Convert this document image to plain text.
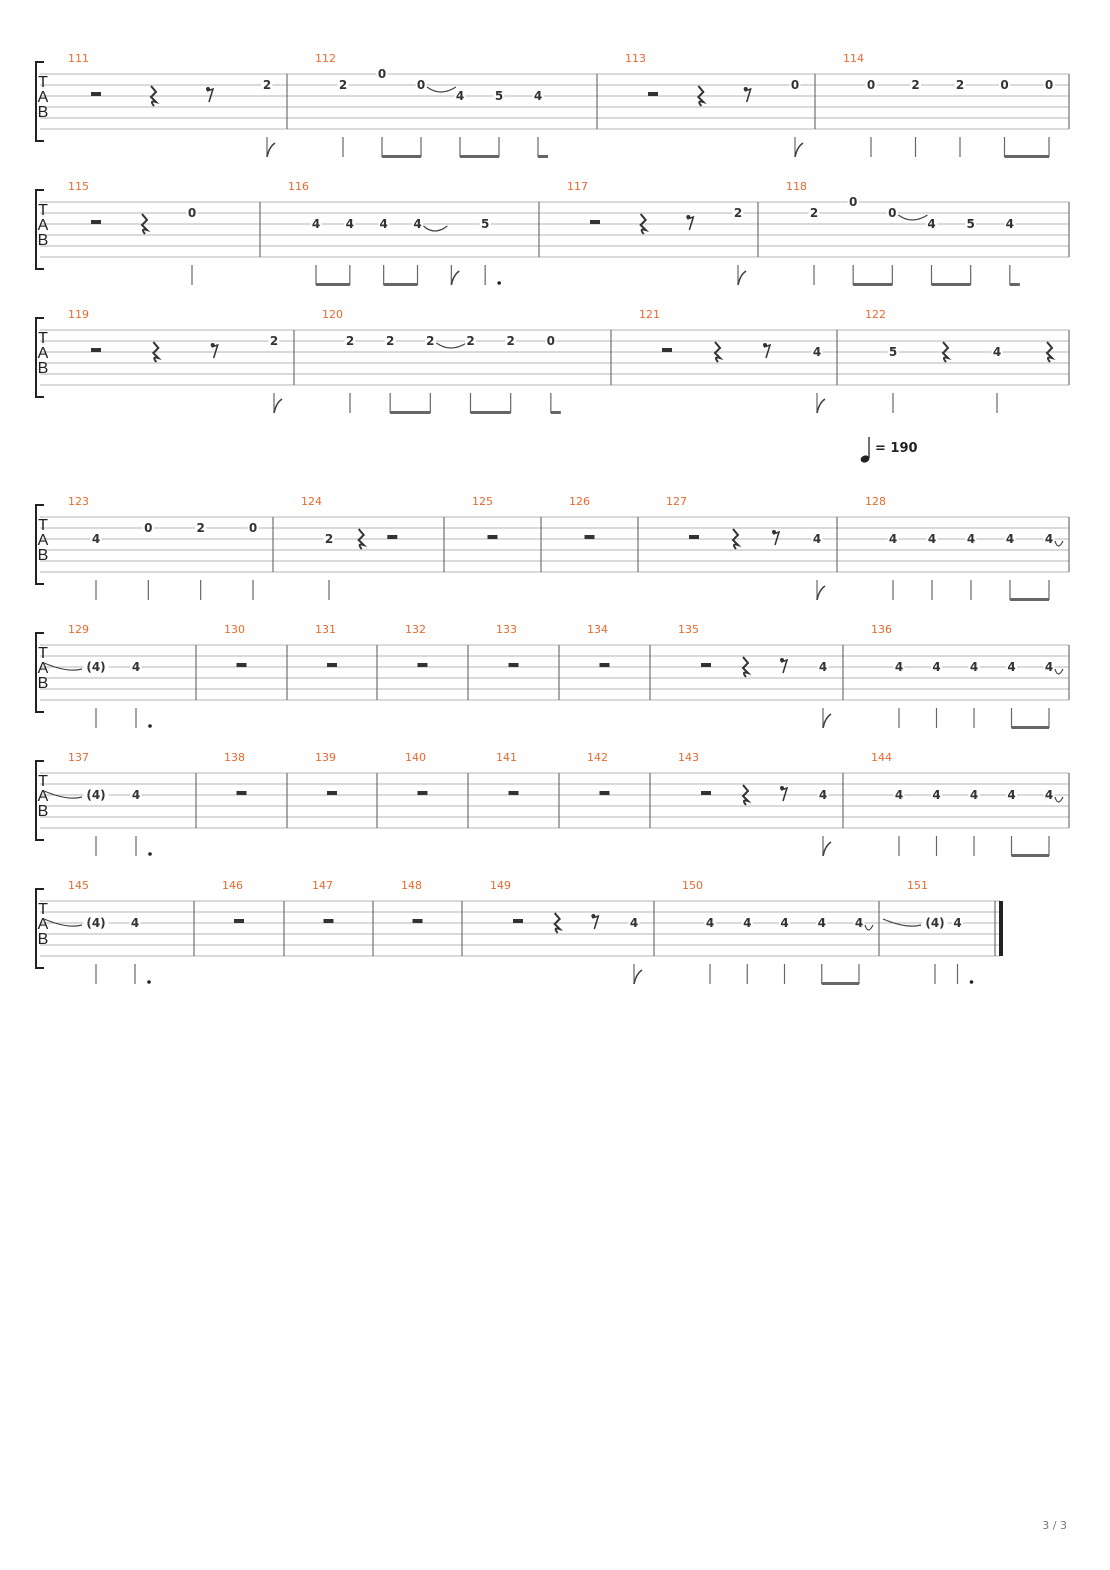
T
A
B
111
2
112
2
0
0
4	5	4
113
0
114
0	2	2	0	0
T
A
B
115
0
116
4 4 4 4	5
117
2
118
2
0
0
4	5	4
T
A
B
119
2
120
2	2	2	2	2	0
121
4
122
5	4
T
A
B
= 190
123
4
0	2	0
124
2
125	126	127
4
128
4	4	4	4	4
T
A
B
129
(4) 4
130	131	132	133	134	135
4
136
4 4 4 4 4
T
A
B
137
(4) 4
138	139	140	141	142	143
4
144
4 4 4 4 4
T
A
B
145
(4) 4
146	147	148	149
4
150
4 4 4 4 4
151
(4) 4
3 / 3
